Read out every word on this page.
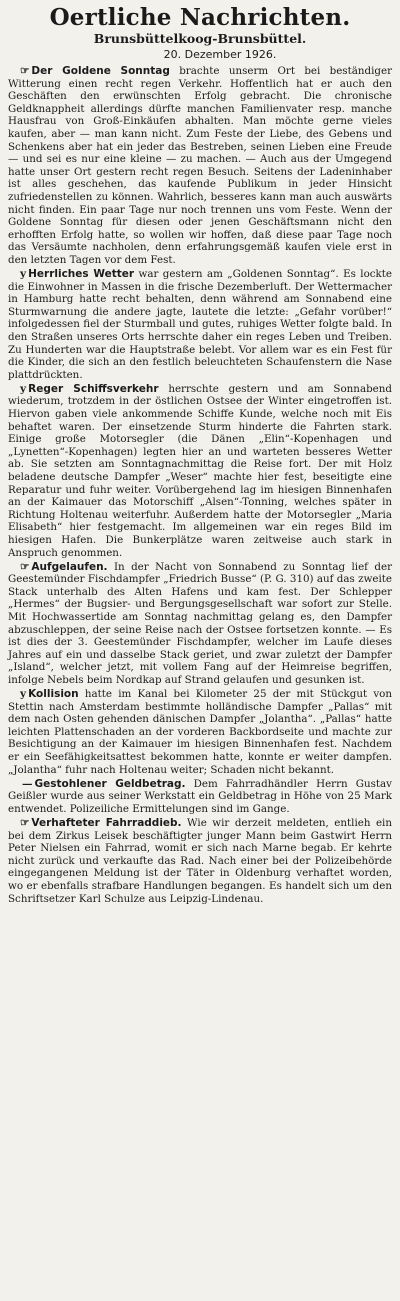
Oertliche Nachrichten.
Brunsbüttelkoog-Brunsbüttel.
20. Dezember 1926.

☞ Der Goldene Sonntag brachte unserm Ort bei beständiger Witterung einen recht regen Verkehr. Hoffentlich hat er auch den Geschäften den erwünschten Erfolg gebracht. Die chronische Geldknappheit allerdings dürfte manchen Familienvater resp. manche Hausfrau von Groß-Einkäufen abhalten. Man möchte gerne vieles kaufen, aber — man kann nicht. Zum Feste der Liebe, des Gebens und Schenkens aber hat ein jeder das Bestreben, seinen Lieben eine Freude — und sei es nur eine kleine — zu machen. — Auch aus der Umgegend hatte unser Ort gestern recht regen Besuch. Seitens der Ladeninhaber ist alles geschehen, das kaufende Publikum in jeder Hinsicht zufriedenstellen zu können. Wahrlich, besseres kann man auch auswärts nicht finden. Ein paar Tage nur noch trennen uns vom Feste. Wenn der Goldene Sonntag für diesen oder jenen Geschäftsmann nicht den erhofften Erfolg hatte, so wollen wir hoffen, daß diese paar Tage noch das Versäumte nachholen, denn erfahrungsgemäß kaufen viele erst in den letzten Tagen vor dem Fest.

y Herrliches Wetter war gestern am „Goldenen Sonntag“. Es lockte die Einwohner in Massen in die frische Dezemberluft. Der Wettermacher in Hamburg hatte recht behalten, denn während am Sonnabend eine Sturmwarnung die andere jagte, lautete die letzte: „Gefahr vorüber!“ infolgedessen fiel der Sturmball und gutes, ruhiges Wetter folgte bald. In den Straßen unseres Orts herrschte daher ein reges Leben und Treiben. Zu Hunderten war die Hauptstraße belebt. Vor allem war es ein Fest für die Kinder, die sich an den festlich beleuchteten Schaufenstern die Nase plattdrückten.

y Reger Schiffsverkehr herrschte gestern und am Sonnabend wiederum, trotzdem in der östlichen Ostsee der Winter eingetroffen ist. Hiervon gaben viele ankommende Schiffe Kunde, welche noch mit Eis behaftet waren. Der einsetzende Sturm hinderte die Fahrten stark. Einige große Motorsegler (die Dänen „Elin“-Kopenhagen und „Lynetten“-Kopenhagen) legten hier an und warteten besseres Wetter ab. Sie setzten am Sonntagnachmittag die Reise fort. Der mit Holz beladene deutsche Dampfer „Weser“ machte hier fest, beseitigte eine Reparatur und fuhr weiter. Vorübergehend lag im hiesigen Binnenhafen an der Kaimauer das Motorschiff „Alsen“-Tonning, welches später in Richtung Holtenau weiterfuhr. Außerdem hatte der Motorsegler „Maria Elisabeth“ hier festgemacht. Im allgemeinen war ein reges Bild im hiesigen Hafen. Die Bunkerplätze waren zeitweise auch stark in Anspruch genommen.

☞ Aufgelaufen. In der Nacht von Sonnabend zu Sonntag lief der Geestemünder Fischdampfer „Friedrich Busse“ (P. G. 310) auf das zweite Stack unterhalb des Alten Hafens und kam fest. Der Schlepper „Hermes“ der Bugsier- und Bergungsgesellschaft war sofort zur Stelle. Mit Hochwassertide am Sonntag nachmittag gelang es, den Dampfer abzuschleppen, der seine Reise nach der Ostsee fortsetzen konnte. — Es ist dies der 3. Geestemünder Fischdampfer, welcher im Laufe dieses Jahres auf ein und dasselbe Stack geriet, und zwar zuletzt der Dampfer „Island“, welcher jetzt, mit vollem Fang auf der Heimreise begriffen, infolge Nebels beim Nordkap auf Strand gelaufen und gesunken ist.

y Kollision hatte im Kanal bei Kilometer 25 der mit Stückgut von Stettin nach Amsterdam bestimmte holländische Dampfer „Pallas“ mit dem nach Osten gehenden dänischen Dampfer „Jolantha“. „Pallas“ hatte leichten Plattenschaden an der vorderen Backbordseite und machte zur Besichtigung an der Kaimauer im hiesigen Binnenhafen fest. Nachdem er ein Seefähigkeitsattest bekommen hatte, konnte er weiter dampfen. „Jolantha“ fuhr nach Holtenau weiter; Schaden nicht bekannt.

— Gestohlener Geldbetrag. Dem Fahrradhändler Herrn Gustav Geißler wurde aus seiner Werkstatt ein Geldbetrag in Höhe von 25 Mark entwendet. Polizeiliche Ermittelungen sind im Gange.

☞ Verhafteter Fahrraddieb. Wie wir derzeit meldeten, entlieh ein bei dem Zirkus Leisek beschäftigter junger Mann beim Gastwirt Herrn Peter Nielsen ein Fahrrad, womit er sich nach Marne begab. Er kehrte nicht zurück und verkaufte das Rad. Nach einer bei der Polizeibehörde eingegangenen Meldung ist der Täter in Oldenburg verhaftet worden, wo er ebenfalls strafbare Handlungen begangen. Es handelt sich um den Schriftsetzer Karl Schulze aus Leipzig-Lindenau.
